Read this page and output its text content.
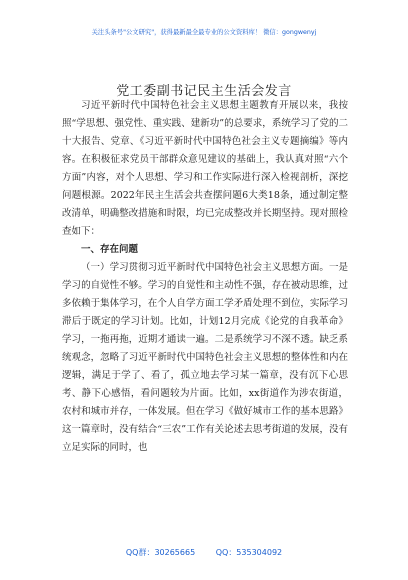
关注头条号"公文研究"，获得最新最全最专业的公文资料库！ 微信：gongwenyj
党工委副书记民主生活会发言

习近平新时代中国特色社会主义思想主题教育开展以来，我按照“学思想、强党性、重实践、建新功”的总要求，系统学习了党的二十大报告、党章、《习近平新时代中国特色社会主义专题摘编》等内容。在积极征求党员干部群众意见建议的基础上，我认真对照“六个方面”内容，对个人思想、学习和工作实际进行深入检视剖析，深挖问题根源。2022年民主生活会共查摆问题6大类18条，通过制定整改清单，明确整改措施和时限，均已完成整改并长期坚持。现对照检查如下：

一、存在问题

（一）学习贯彻习近平新时代中国特色社会主义思想方面。一是学习的自觉性不够。学习的自觉性和主动性不强，存在被动思维，过多依赖于集体学习，在个人自学方面工学矛盾处理不到位，实际学习滞后于既定的学习计划。比如，计划12月完成《论党的自我革命》学习，一拖再拖，近期才通读一遍。二是系统学习不深不透。缺乏系统观念，忽略了习近平新时代中国特色社会主义思想的整体性和内在逻辑，满足于学了、看了，孤立地去学习某一篇章，没有沉下心思考、静下心感悟，看问题较为片面。比如，xx街道作为涉农街道，农村和城市并存，一体发展。但在学习《做好城市工作的基本思路》这一篇章时，没有结合“三农”工作有关论述去思考街道的发展，没有立足实际的同时，也

QQ群：30265665	QQ：535304092
